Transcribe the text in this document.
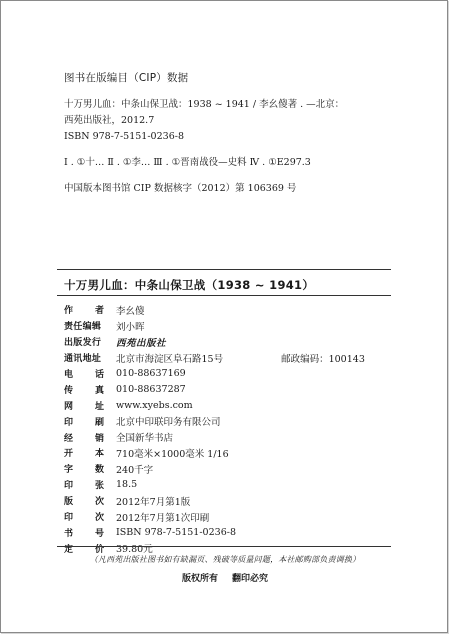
图书在版编目（CIP）数据
十万男儿血：中条山保卫战：1938 ~ 1941 / 李幺傻著 . —北京：
西苑出版社，2012.7
ISBN 978-7-5151-0236-8
Ⅰ . ①十… Ⅱ . ①李… Ⅲ . ①晋南战役—史料 Ⅳ . ①E297.3
中国版本图书馆 CIP 数据核字（2012）第 106369 号
十万男儿血：中条山保卫战（1938 ~ 1941）
作 者 李幺傻
责任编辑 刘小晖
出版发行 西苑出版社
通讯地址 北京市海淀区阜石路15号	邮政编码：100143
电 话 010-88637169
传 真 010-88637287
网 址 www.xyebs.com
印 刷 北京中印联印务有限公司
经 销 全国新华书店
开 本 710毫米×1000毫米 1/16
字 数 240千字
印 张 18.5
版 次 2012年7月第1版
印 次 2012年7月第1次印刷
书 号 ISBN 978-7-5151-0236-8
定 价 39.80元
（凡西苑出版社图书如有缺漏页、残破等质量问题，本社邮购部负责调换）
版权所有 翻印必究
